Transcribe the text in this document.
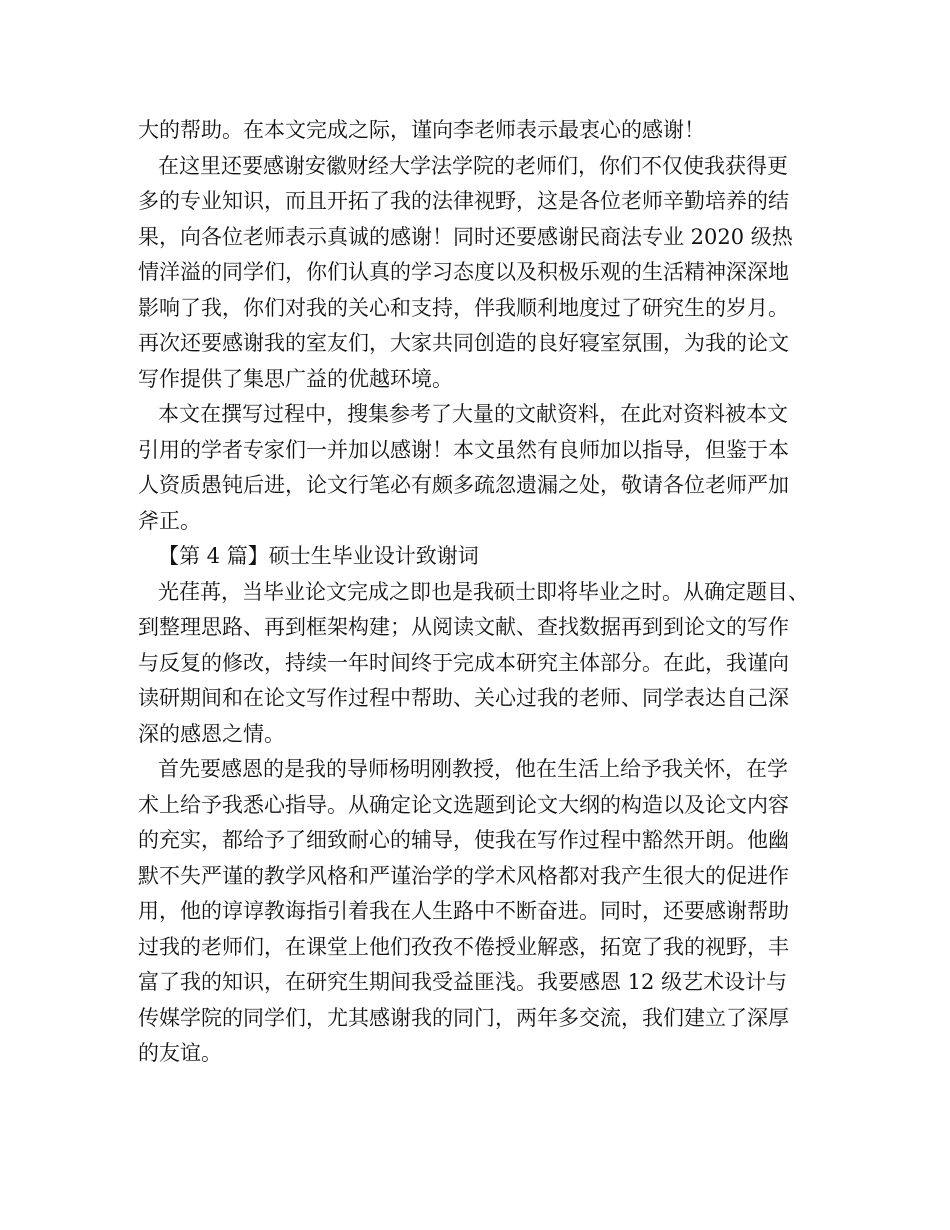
大的帮助。在本文完成之际，谨向李老师表示最衷心的感谢！
在这里还要感谢安徽财经大学法学院的老师们，你们不仅使我获得更
多的专业知识，而且开拓了我的法律视野，这是各位老师辛勤培养的结
果，向各位老师表示真诚的感谢！同时还要感谢民商法专业 2020 级热
情洋溢的同学们，你们认真的学习态度以及积极乐观的生活精神深深地
影响了我，你们对我的关心和支持，伴我顺利地度过了研究生的岁月。
再次还要感谢我的室友们，大家共同创造的良好寝室氛围，为我的论文
写作提供了集思广益的优越环境。
本文在撰写过程中，搜集参考了大量的文献资料，在此对资料被本文
引用的学者专家们一并加以感谢！本文虽然有良师加以指导，但鉴于本
人资质愚钝后进，论文行笔必有颇多疏忽遗漏之处，敬请各位老师严加
斧正。
【第 4 篇】硕士生毕业设计致谢词
光荏苒，当毕业论文完成之即也是我硕士即将毕业之时。从确定题目、
到整理思路、再到框架构建；从阅读文献、查找数据再到到论文的写作
与反复的修改，持续一年时间终于完成本研究主体部分。在此，我谨向
读研期间和在论文写作过程中帮助、关心过我的老师、同学表达自己深
深的感恩之情。
首先要感恩的是我的导师杨明刚教授，他在生活上给予我关怀，在学
术上给予我悉心指导。从确定论文选题到论文大纲的构造以及论文内容
的充实，都给予了细致耐心的辅导，使我在写作过程中豁然开朗。他幽
默不失严谨的教学风格和严谨治学的学术风格都对我产生很大的促进作
用，他的谆谆教诲指引着我在人生路中不断奋进。同时，还要感谢帮助
过我的老师们，在课堂上他们孜孜不倦授业解惑，拓宽了我的视野，丰
富了我的知识，在研究生期间我受益匪浅。我要感恩 12 级艺术设计与
传媒学院的同学们，尤其感谢我的同门，两年多交流，我们建立了深厚
的友谊。
